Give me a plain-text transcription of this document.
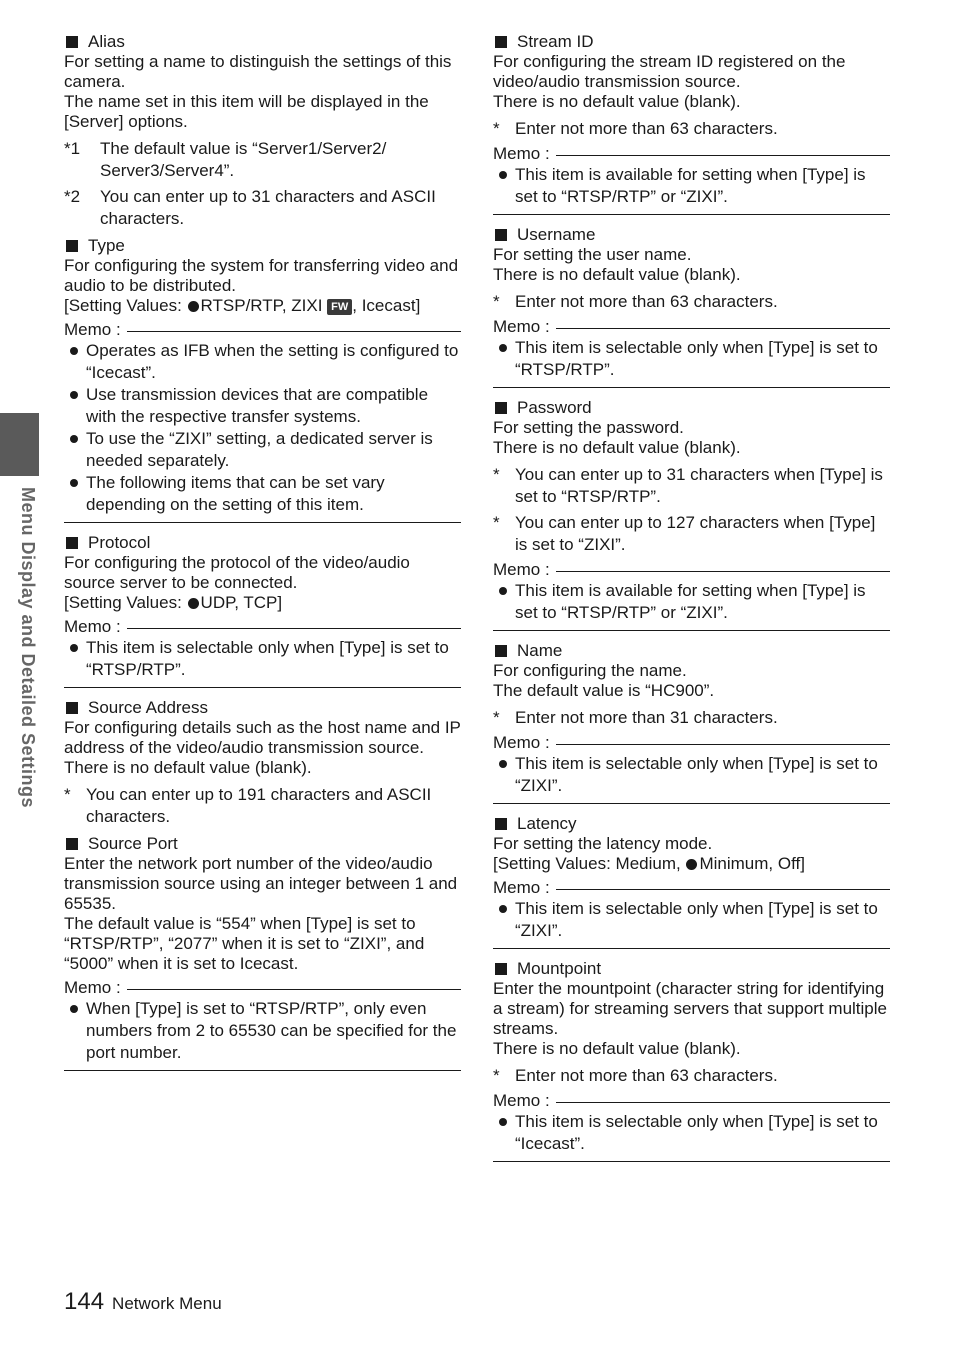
Menu Display and Detailed Settings
Alias

For setting a name to distinguish the settings of this camera.

The name set in this item will be displayed in the [Server] options.

*1	The default value is “Server1/Server2/ Server3/Server4”.
*2	You can enter up to 31 characters and ASCII characters.
Type

For configuring the system for transferring video and audio to be distributed.

[Setting Values: RTSP/RTP, ZIXI FW , Icecast]

Memo :
Operates as IFB when the setting is configured to “Icecast”.
Use transmission devices that are compatible with the respective transfer systems.
To use the “ZIXI” setting, a dedicated server is needed separately.
The following items that can be set vary depending on the setting of this item.
Protocol

For configuring the protocol of the video/audio source server to be connected.

[Setting Values: UDP, TCP]

Memo :
This item is selectable only when [Type] is set to “RTSP/RTP”.
Source Address

For configuring details such as the host name and IP address of the video/audio transmission source.

There is no default value (blank).

* You can enter up to 191 characters and ASCII characters.
Source Port

Enter the network port number of the video/audio transmission source using an integer between 1 and 65535.

The default value is “554” when [Type] is set to “RTSP/RTP”, “2077” when it is set to “ZIXI”, and “5000” when it is set to Icecast.

Memo :
When [Type] is set to “RTSP/RTP”, only even numbers from 2 to 65530 can be specified for the port number.
Stream ID

For configuring the stream ID registered on the video/audio transmission source.

There is no default value (blank).

* Enter not more than 63 characters.
Memo :
This item is available for setting when [Type] is set to “RTSP/RTP” or “ZIXI”.
Username

For setting the user name.

There is no default value (blank).

* Enter not more than 63 characters.
Memo :
This item is selectable only when [Type] is set to “RTSP/RTP”.
Password

For setting the password.

There is no default value (blank).

* You can enter up to 31 characters when [Type] is set to “RTSP/RTP”.
* You can enter up to 127 characters when [Type] is set to “ZIXI”.
Memo :
This item is available for setting when [Type] is set to “RTSP/RTP” or “ZIXI”.
Name

For configuring the name.

The default value is “HC900”.

* Enter not more than 31 characters.
Memo :
This item is selectable only when [Type] is set to “ZIXI”.
Latency

For setting the latency mode.

[Setting Values: Medium, Minimum, Off]

Memo :
This item is selectable only when [Type] is set to “ZIXI”.
Mountpoint

Enter the mountpoint (character string for identifying a stream) for streaming servers that support multiple streams.

There is no default value (blank).

* Enter not more than 63 characters.
Memo :
This item is selectable only when [Type] is set to “Icecast”.
144 Network Menu
